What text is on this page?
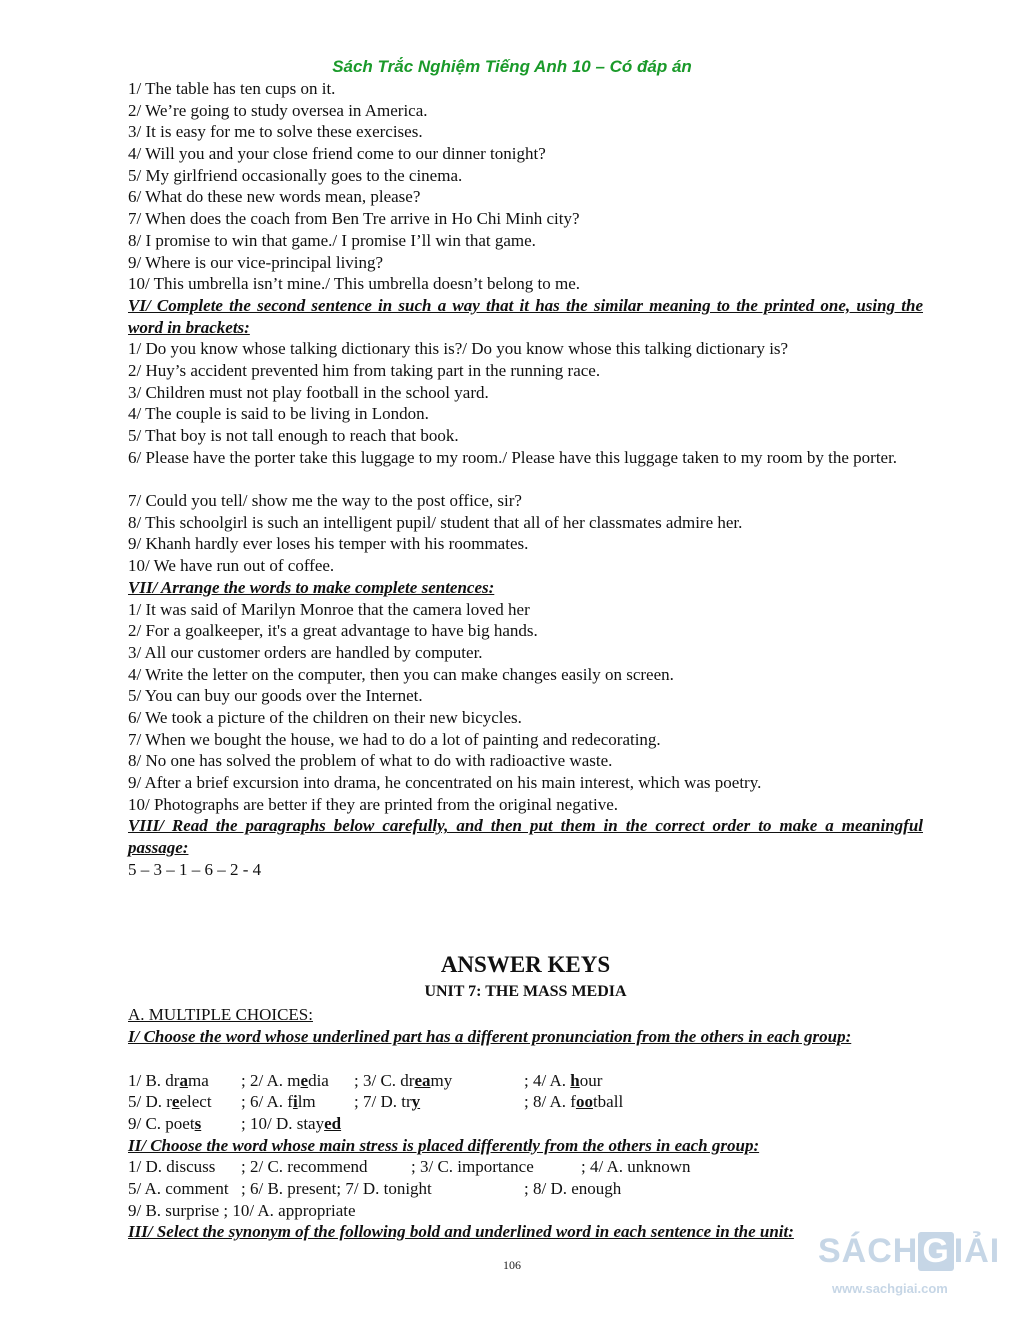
Sách Trắc Nghiệm Tiếng Anh 10 – Có đáp án
1/ The table has ten cups on it.
2/ We’re going to study oversea in America.
3/ It is easy for me to solve these exercises.
4/ Will you and your close friend come to our dinner tonight?
5/ My girlfriend occasionally goes to the cinema.
6/ What do these new words mean, please?
7/ When does the coach from Ben Tre arrive in Ho Chi Minh city?
8/ I promise to win that game./ I promise I’ll win that game.
9/ Where is our vice-principal living?
10/ This umbrella isn’t mine./ This umbrella doesn’t belong to me.
VI/ Complete the second sentence in such a way that it has the similar meaning to the printed one, using the word in brackets:
1/ Do you know whose talking dictionary this is?/ Do you know whose this talking dictionary is?
2/ Huy’s accident prevented him from taking part in the running race.
3/ Children must not play football in the school yard.
4/ The couple is said to be living in London.
5/ That boy is not tall enough to reach that book.
6/ Please have the porter take this luggage to my room./ Please have this luggage taken to my room by the porter.
7/ Could you tell/ show me the way to the post office, sir?
8/ This schoolgirl is such an intelligent pupil/ student that all of her classmates admire her.
9/ Khanh hardly ever loses his temper with his roommates.
10/ We have run out of coffee.
VII/ Arrange the words to make complete sentences:
1/ It was said of Marilyn Monroe that the camera loved her
2/ For a goalkeeper, it's a great advantage to have big hands.
3/ All our customer orders are handled by computer.
4/ Write the letter on the computer, then you can make changes easily on screen.
5/ You can buy our goods over the Internet.
6/ We took a picture of the children on their new bicycles.
7/ When we bought the house, we had to do a lot of painting and redecorating.
8/ No one has solved the problem of what to do with radioactive waste.
9/ After a brief excursion into drama, he concentrated on his main interest, which was poetry.
10/ Photographs are better if they are printed from the original negative.
VIII/ Read the paragraphs below carefully, and then put them in the correct order to make a meaningful passage:
5 – 3 – 1 – 6 – 2 - 4
ANSWER KEYS
UNIT 7: THE MASS MEDIA
A. MULTIPLE CHOICES:
I/ Choose the word whose underlined part has a different pronunciation from the others in each group:
1/ B. drama ; 2/ A. media ; 3/ C. dreamy	; 4/ A. hour
5/ D. reelect ; 6/ A. film ; 7/ D. try	; 8/ A. football
9/ C. poets ; 10/ D. stayed
II/ Choose the word whose main stress is placed differently from the others in each group:
1/ D. discuss ; 2/ C. recommend	; 3/ C. importance	; 4/ A. unknown
5/ A. comment ; 6/ B. present; 7/ D. tonight	; 8/ D. enough
9/ B. surprise ; 10/ A. appropriate
III/ Select the synonym of the following bold and underlined word in each sentence in the unit:
106	SÁCH G IẢI
www.sachgiai.com
